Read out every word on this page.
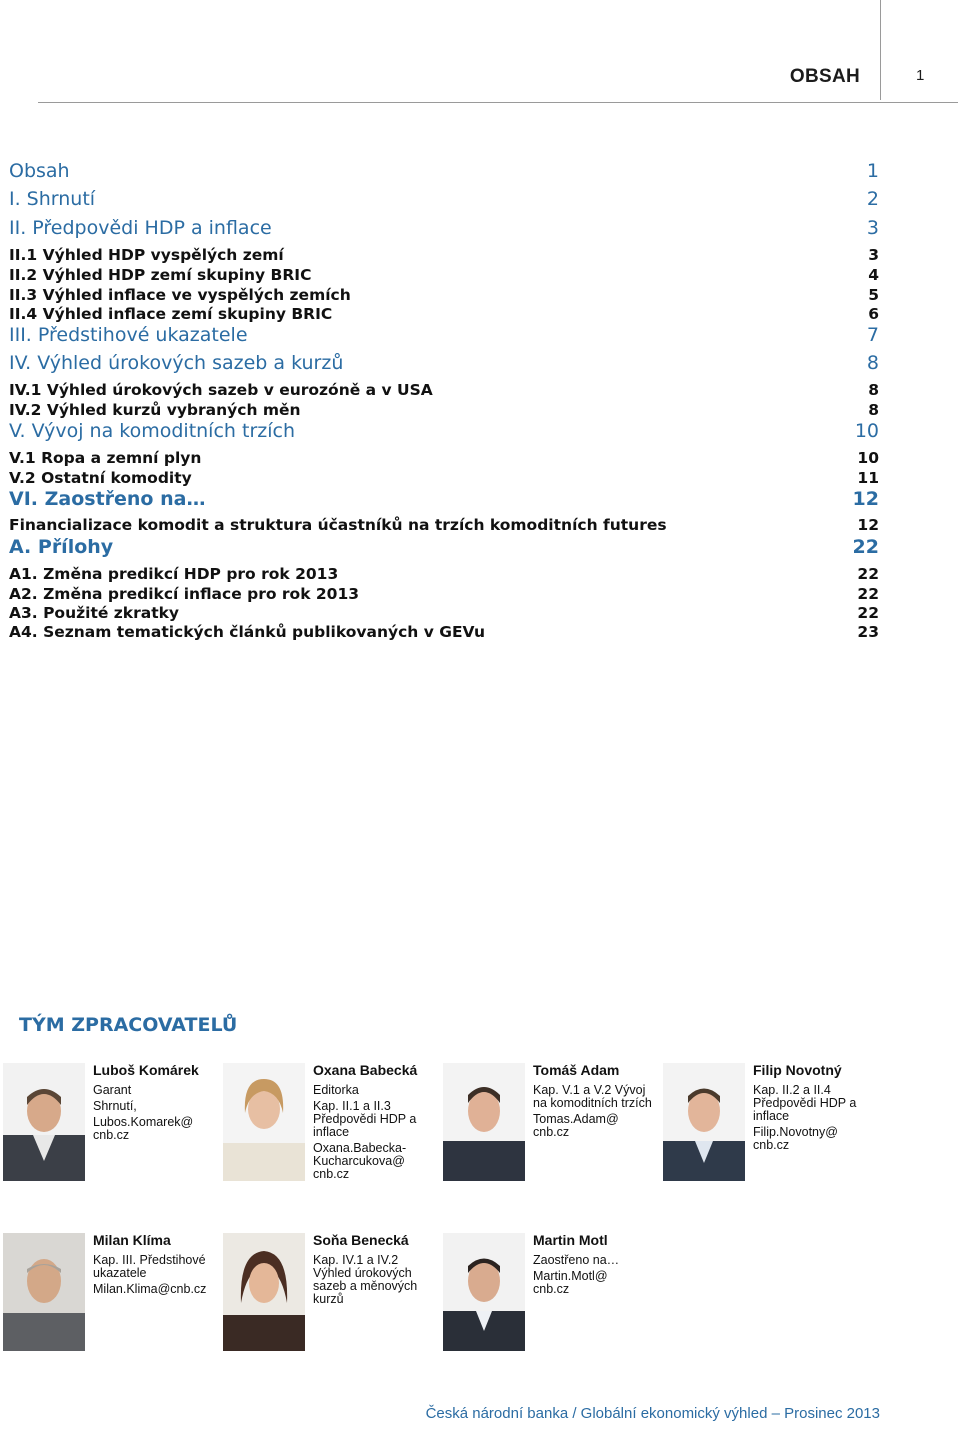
OBSAH	1
Obsah	1
I. Shrnutí	2
II. Předpovědi HDP a inflace	3
II.1 Výhled HDP vyspělých zemí	3
II.2 Výhled HDP zemí skupiny BRIC	4
II.3 Výhled inflace ve vyspělých zemích	5
II.4 Výhled inflace zemí skupiny BRIC	6
III. Předstihové ukazatele	7
IV. Výhled úrokových sazeb a kurzů	8
IV.1 Výhled úrokových sazeb v eurozóně a v USA	8
IV.2 Výhled kurzů vybraných měn	8
V. Vývoj na komoditních trzích	10
V.1 Ropa a zemní plyn	10
V.2 Ostatní komodity	11
VI. Zaostřeno na…	12
Financializace komodit a struktura účastníků na trzích komoditních futures	12
A. Přílohy	22
A1. Změna predikcí HDP pro rok 2013	22
A2. Změna predikcí inflace pro rok 2013	22
A3. Použité zkratky	22
A4. Seznam tematických článků publikovaných v GEVu	23
TÝM ZPRACOVATELŮ
Luboš Komárek
Garant
Shrnutí,
Lubos.Komarek@
cnb.cz
Oxana Babecká
Editorka
Kap. II.1 a II.3 Předpovědi HDP a inflace
Oxana.Babecka-Kucharcukova@
cnb.cz
Tomáš Adam
Kap. V.1 a V.2 Vývoj na komoditních trzích
Tomas.Adam@
cnb.cz
Filip Novotný
Kap. II.2 a II.4 Předpovědi HDP a inflace
Filip.Novotny@
cnb.cz
Milan Klíma
Kap. III. Předstihové ukazatele
Milan.Klima@cnb.cz
Soňa Benecká
Kap. IV.1 a IV.2 Výhled úrokových sazeb a měnových kurzů
Martin Motl
Zaostřeno na…
Martin.Motl@
cnb.cz
Česká národní banka / Globální ekonomický výhled – Prosinec 2013
